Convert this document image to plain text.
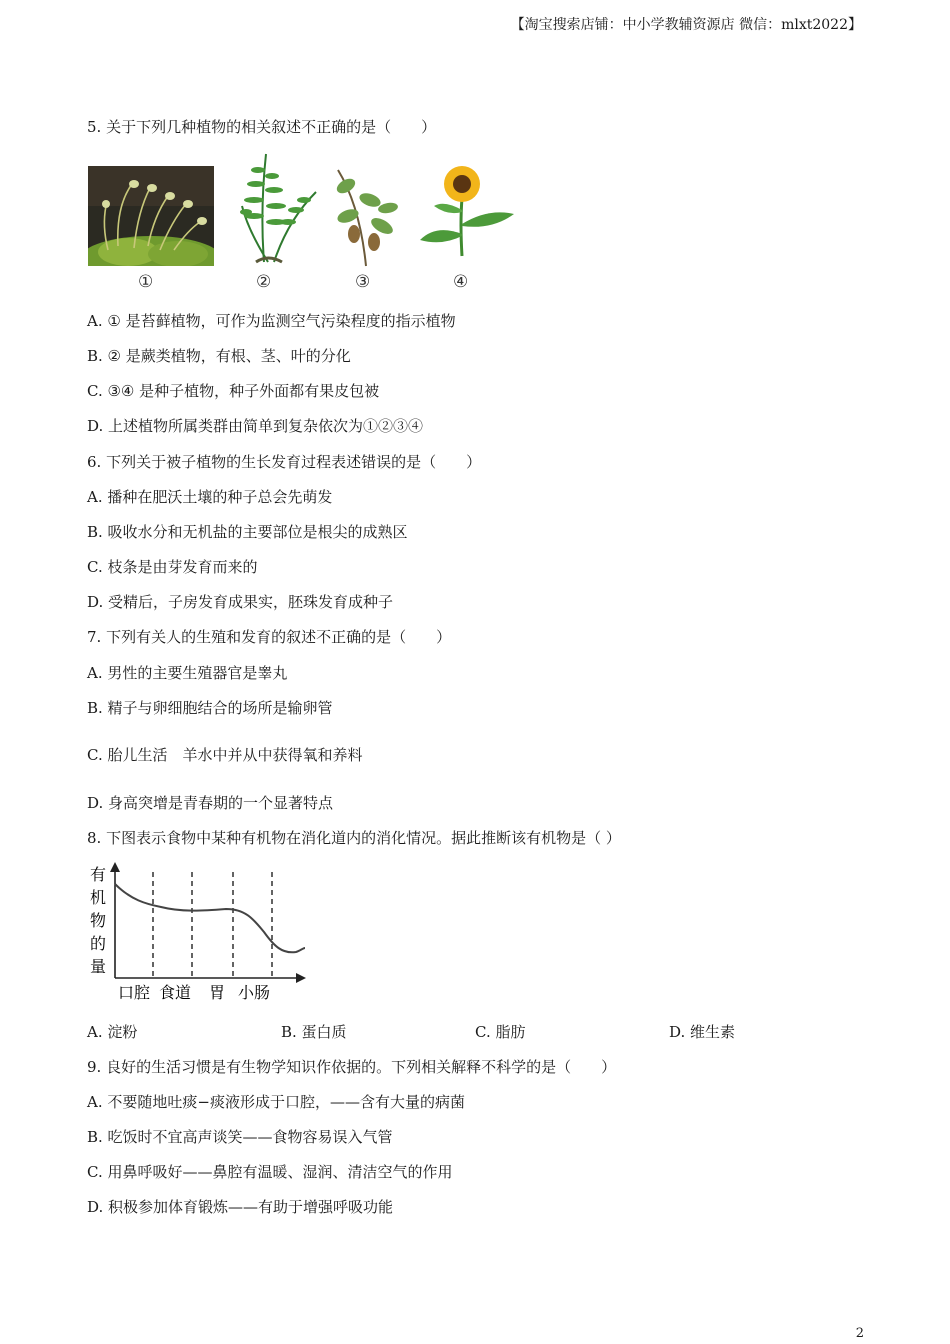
【淘宝搜索店铺：中小学教辅资源店 微信：mlxt2022】
5. 关于下列几种植物的相关叙述不正确的是（　　）
①	②	③	④
A. ① 是苔藓植物，可作为监测空气污染程度的指示植物
B. ② 是蕨类植物，有根、茎、叶的分化
C. ③④ 是种子植物，种子外面都有果皮包被
D. 上述植物所属类群由简单到复杂依次为①②③④
6. 下列关于被子植物的生长发育过程表述错误的是（　　）
A. 播种在肥沃土壤的种子总会先萌发
B. 吸收水分和无机盐的主要部位是根尖的成熟区
C. 枝条是由芽发育而来的
D. 受精后，子房发育成果实，胚珠发育成种子
7. 下列有关人的生殖和发育的叙述不正确的是（　　）
A. 男性的主要生殖器官是睾丸
B. 精子与卵细胞结合的场所是输卵管
C. 胎儿生活　羊水中并从中获得氧和养料
D. 身高突增是青春期的一个显著特点
8. 下图表示食物中某种有机物在消化道内的消化情况。据此推断该有机物是（ ）
有
机
物
的
量
口腔 食道 胃 小肠
A. 淀粉	B. 蛋白质	C. 脂肪	D. 维生素
9. 良好的生活习惯是有生物学知识作依据的。下列相关解释不科学的是（　　）
A. 不要随地吐痰−痰液形成于口腔，——含有大量的病菌
B. 吃饭时不宜高声谈笑——食物容易误入气管
C. 用鼻呼吸好——鼻腔有温暖、湿润、清洁空气的作用
D. 积极参加体育锻炼——有助于增强呼吸功能
2
